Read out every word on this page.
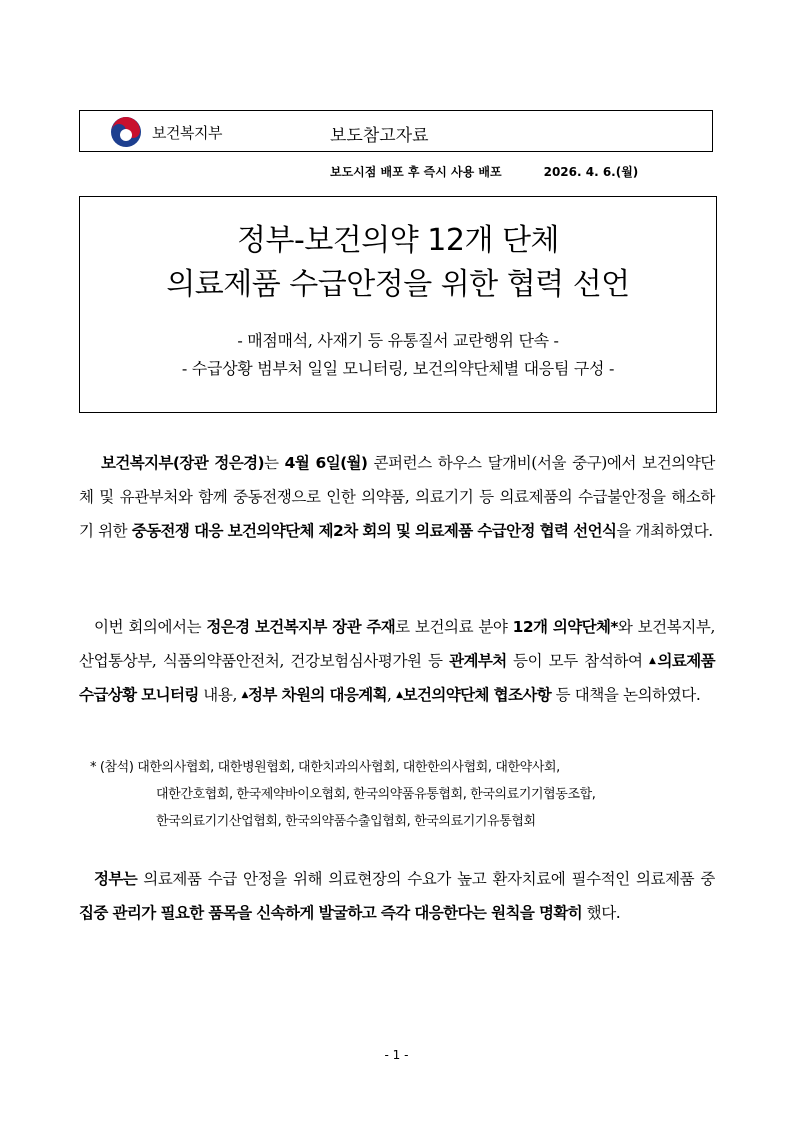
보건복지부	보도참고자료
보도시점 배포 후 즉시 사용 배포	2026. 4. 6.(월)
정부-보건의약 12개 단체
의료제품 수급안정을 위한 협력 선언
- 매점매석, 사재기 등 유통질서 교란행위 단속 -
- 수급상황 범부처 일일 모니터링, 보건의약단체별 대응팀 구성 -
보건복지부(장관 정은경)는 4월 6일(월) 콘퍼런스 하우스 달개비(서울 중구)에서 보건의약단체 및 유관부처와 함께 중동전쟁으로 인한 의약품, 의료기기 등 의료제품의 수급불안정을 해소하기 위한 중동전쟁 대응 보건의약단체 제2차 회의 및 의료제품 수급안정 협력 선언식을 개최하였다.
이번 회의에서는 정은경 보건복지부 장관 주재로 보건의료 분야 12개 의약단체*와 보건복지부, 산업통상부, 식품의약품안전처, 건강보험심사평가원 등 관계부처 등이 모두 참석하여 ▲의료제품 수급상황 모니터링 내용, ▲정부 차원의 대응계획, ▲보건의약단체 협조사항 등 대책을 논의하였다.
* (참석) 대한의사협회, 대한병원협회, 대한치과의사협회, 대한한의사협회, 대한약사회,
대한간호협회, 한국제약바이오협회, 한국의약품유통협회, 한국의료기기협동조합,
한국의료기기산업협회, 한국의약품수출입협회, 한국의료기기유통협회
정부는 의료제품 수급 안정을 위해 의료현장의 수요가 높고 환자치료에 필수적인 의료제품 중 집중 관리가 필요한 품목을 신속하게 발굴하고 즉각 대응한다는 원칙을 명확히 했다.
- 1 -
